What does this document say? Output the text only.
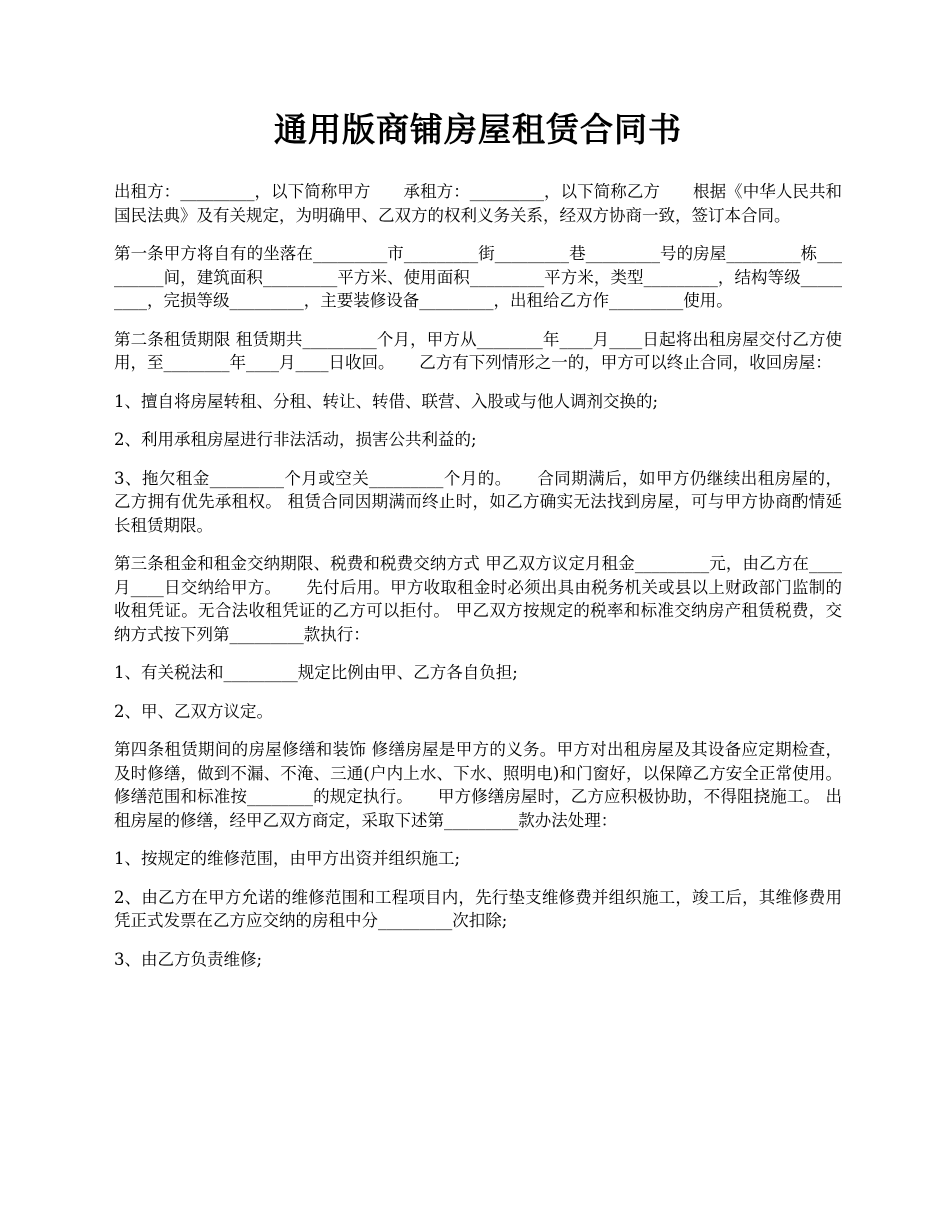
通用版商铺房屋租赁合同书

出租方：_________，以下简称甲方　　承租方：_________，以下简称乙方　　根据《中华人民共和国民法典》及有关规定，为明确甲、乙双方的权利义务关系，经双方协商一致，签订本合同。

第一条甲方将自有的坐落在_________市_________街_________巷_________号的房屋_________栋_________间，建筑面积_________平方米、使用面积_________平方米，类型_________，结构等级_________，完损等级_________，主要装修设备_________，出租给乙方作_________使用。

第二条租赁期限 租赁期共_________个月，甲方从________年____月____日起将出租房屋交付乙方使用，至________年____月____日收回。　　乙方有下列情形之一的，甲方可以终止合同，收回房屋：

1、擅自将房屋转租、分租、转让、转借、联营、入股或与他人调剂交换的;

2、利用承租房屋进行非法活动，损害公共利益的;

3、拖欠租金_________个月或空关_________个月的。　　合同期满后，如甲方仍继续出租房屋的，乙方拥有优先承租权。 租赁合同因期满而终止时，如乙方确实无法找到房屋，可与甲方协商酌情延长租赁期限。

第三条租金和租金交纳期限、税费和税费交纳方式 甲乙双方议定月租金_________元，由乙方在____月____日交纳给甲方。　　先付后用。甲方收取租金时必须出具由税务机关或县以上财政部门监制的收租凭证。无合法收租凭证的乙方可以拒付。 甲乙双方按规定的税率和标准交纳房产租赁税费，交纳方式按下列第_________款执行：

1、有关税法和_________规定比例由甲、乙方各自负担;

2、甲、乙双方议定。

第四条租赁期间的房屋修缮和装饰 修缮房屋是甲方的义务。甲方对出租房屋及其设备应定期检查，及时修缮，做到不漏、不淹、三通(户内上水、下水、照明电)和门窗好，以保障乙方安全正常使用。 修缮范围和标准按________的规定执行。　　甲方修缮房屋时，乙方应积极协助，不得阻挠施工。 出租房屋的修缮，经甲乙双方商定，采取下述第_________款办法处理：

1、按规定的维修范围，由甲方出资并组织施工;

2、由乙方在甲方允诺的维修范围和工程项目内，先行垫支维修费并组织施工，竣工后，其维修费用凭正式发票在乙方应交纳的房租中分_________次扣除;

3、由乙方负责维修;
